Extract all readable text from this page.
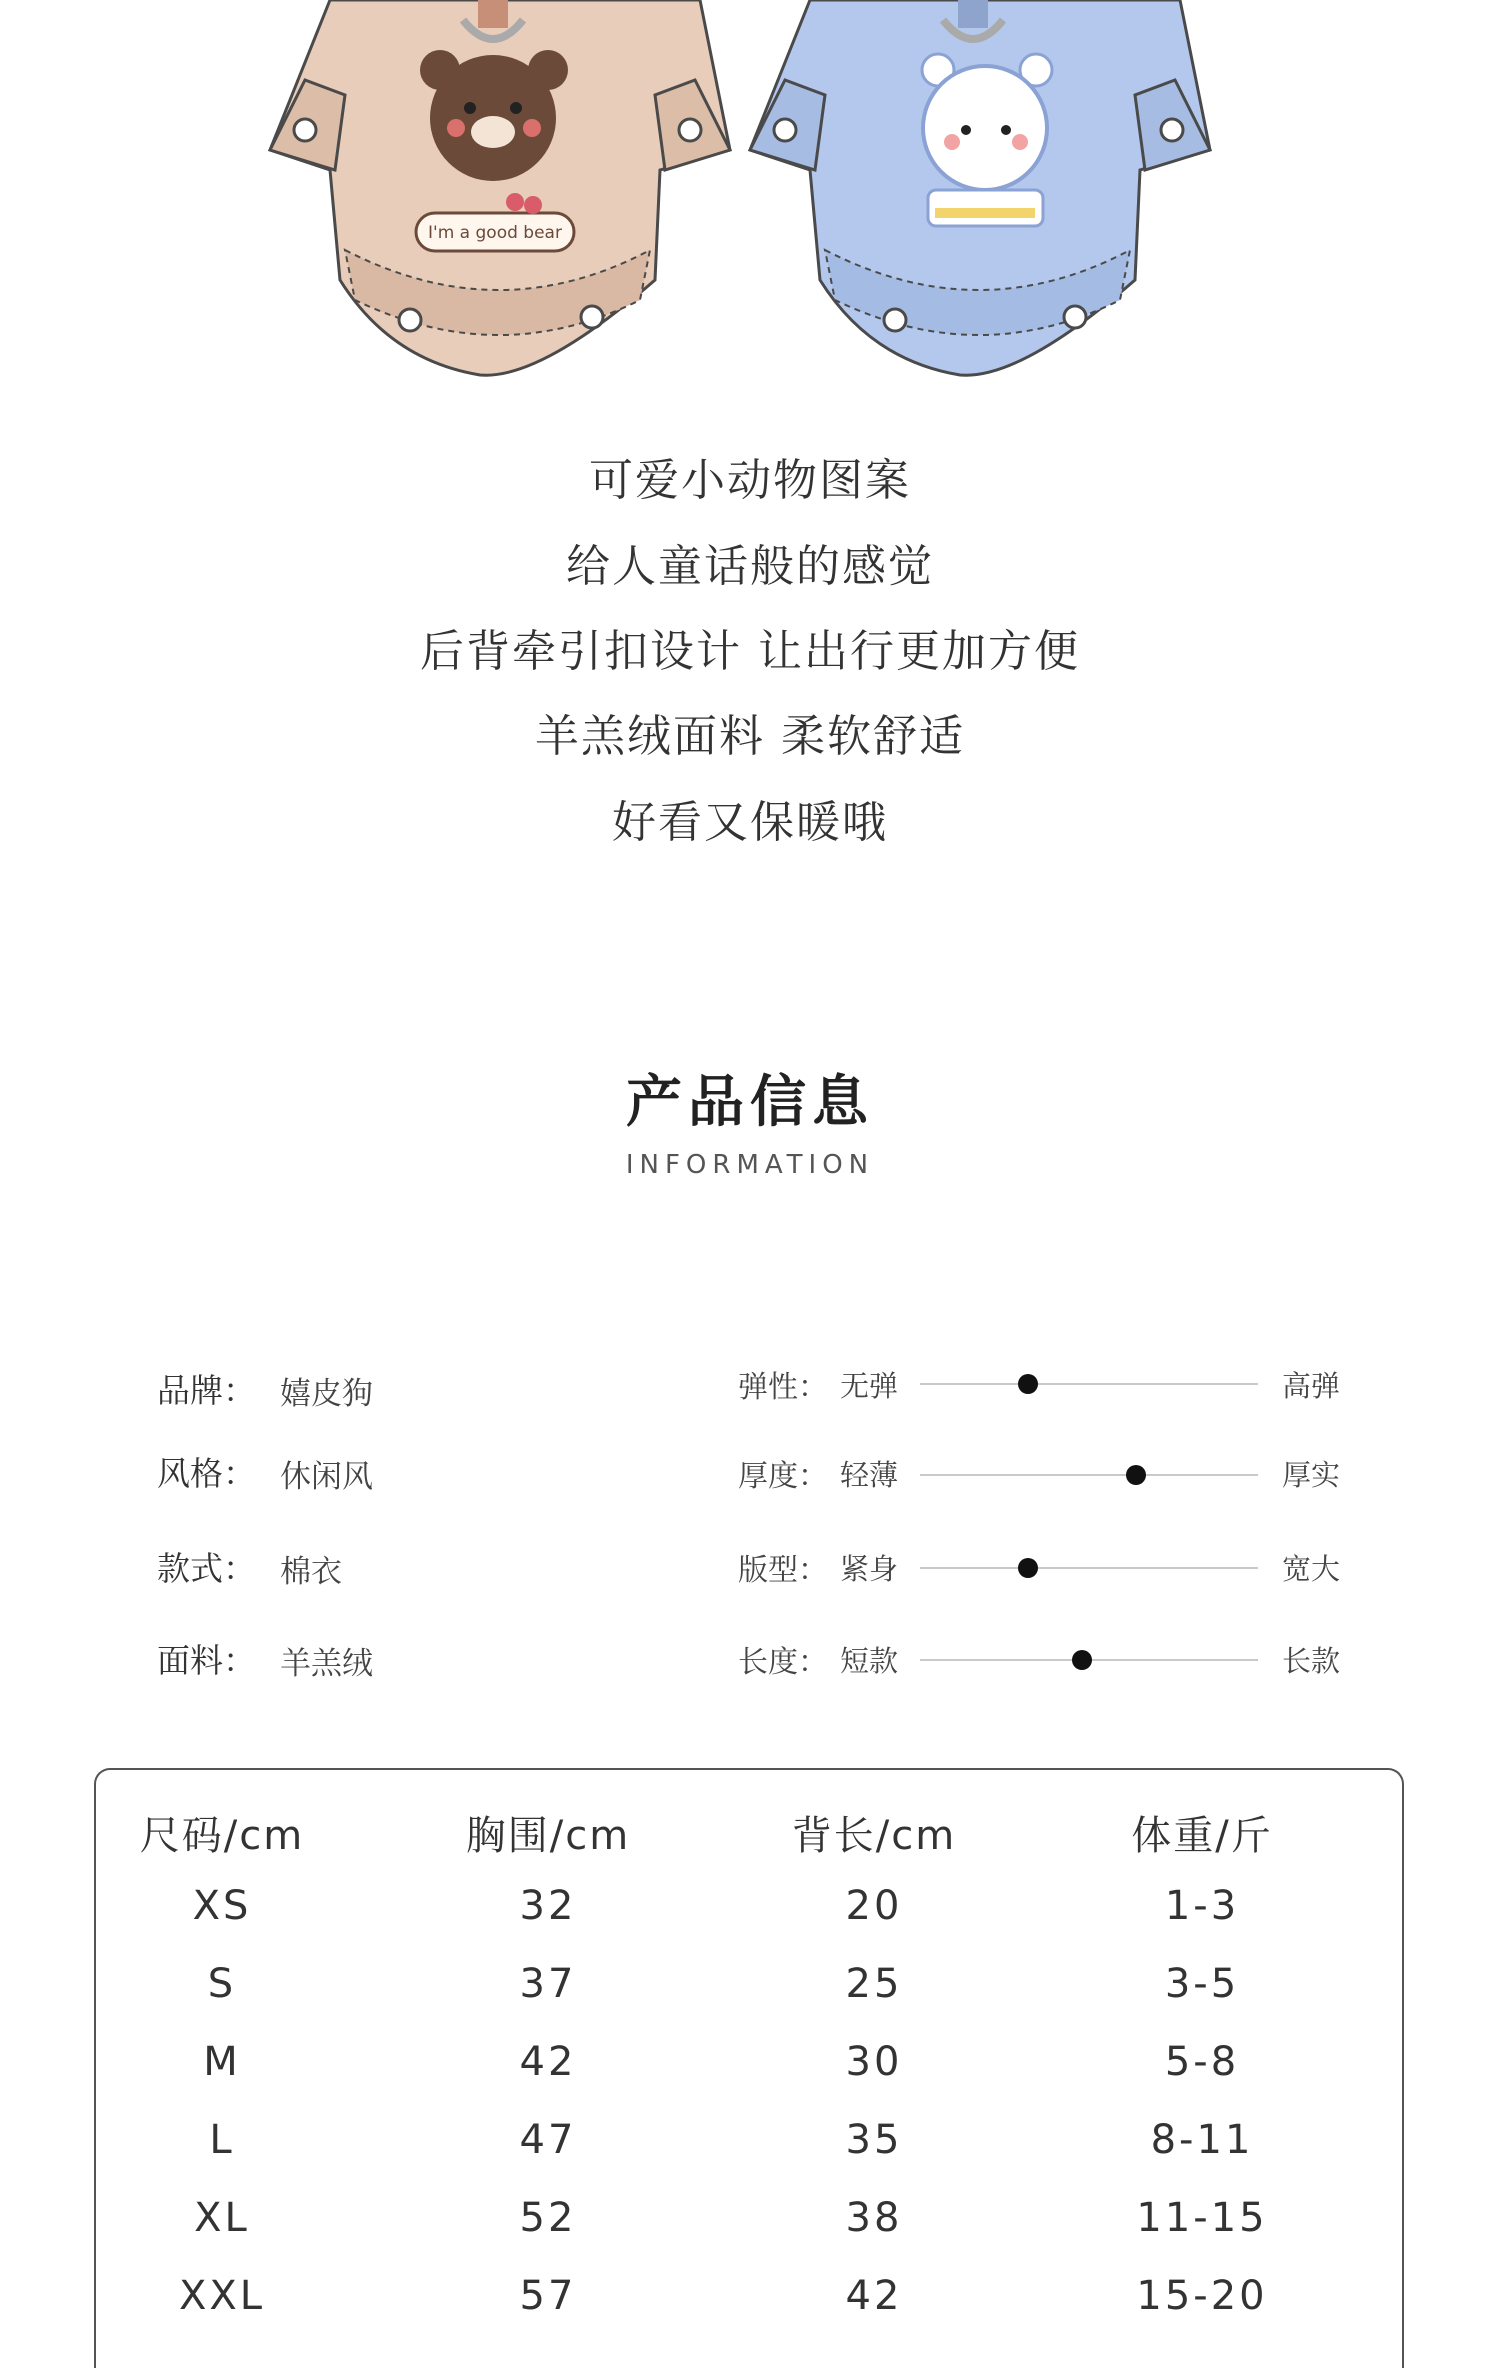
I'm a good bear
可爱小动物图案
给人童话般的感觉
后背牵引扣设计 让出行更加方便
羊羔绒面料 柔软舒适
好看又保暖哦
产品信息
INFORMATION
品牌： 嬉皮狗
风格： 休闲风
款式： 棉衣
面料： 羊羔绒
弹性： 无弹	高弹
厚度： 轻薄	厚实
版型： 紧身	宽大
长度： 短款	长款
尺码/cm	胸围/cm	背长/cm	体重/斤
XS	32	20	1-3
S	37	25	3-5
M	42	30	5-8
L	47	35	8-11
XL	52	38	11-15
XXL	57	42	15-20
